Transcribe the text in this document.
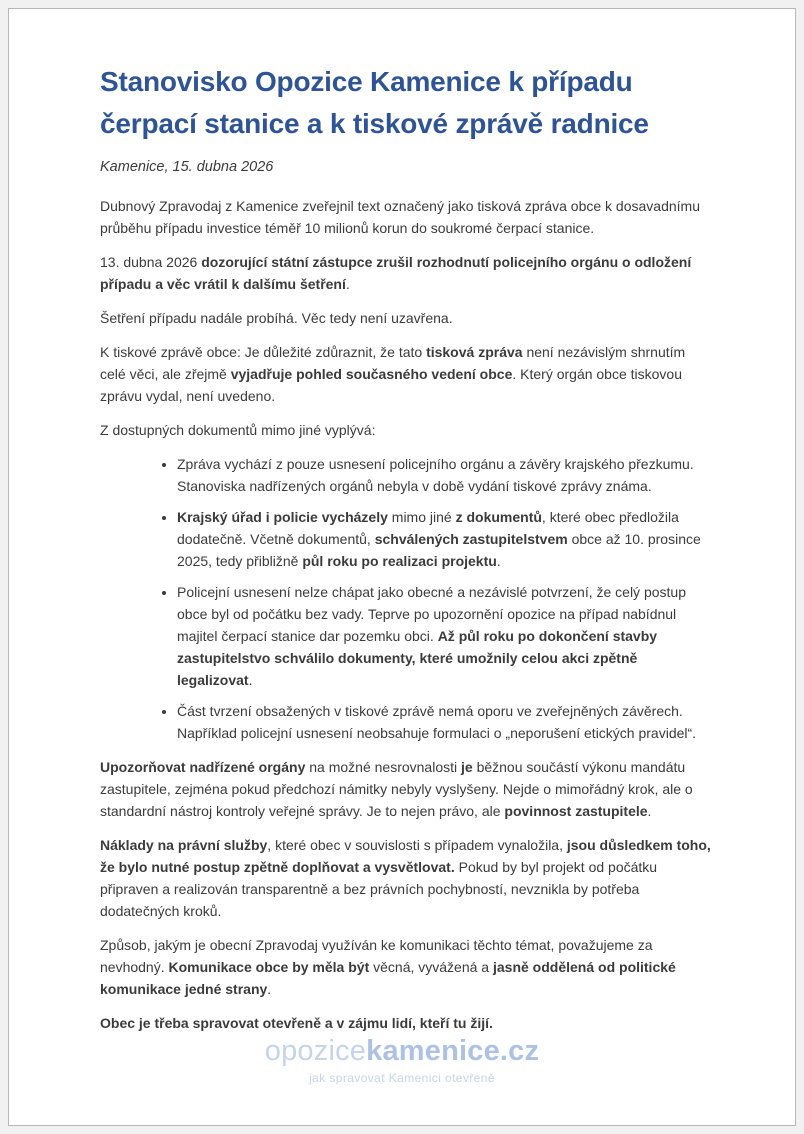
Stanovisko Opozice Kamenice k případu čerpací stanice a k tiskové zprávě radnice

Kamenice, 15. dubna 2026

Dubnový Zpravodaj z Kamenice zveřejnil text označený jako tisková zpráva obce k dosavadnímu průběhu případu investice téměř 10 milionů korun do soukromé čerpací stanice.

13. dubna 2026 dozorující státní zástupce zrušil rozhodnutí policejního orgánu o odložení případu a věc vrátil k dalšímu šetření.

Šetření případu nadále probíhá. Věc tedy není uzavřena.

K tiskové zprávě obce: Je důležité zdůraznit, že tato tisková zpráva není nezávislým shrnutím celé věci, ale zřejmě vyjadřuje pohled současného vedení obce. Který orgán obce tiskovou zprávu vydal, není uvedeno.

Z dostupných dokumentů mimo jiné vyplývá:

• Zpráva vychází z pouze usnesení policejního orgánu a závěry krajského přezkumu. Stanoviska nadřízených orgánů nebyla v době vydání tiskové zprávy známa.
• Krajský úřad i policie vycházely mimo jiné z dokumentů, které obec předložila dodatečně. Včetně dokumentů, schválených zastupitelstvem obce až 10. prosince 2025, tedy přibližně půl roku po realizaci projektu.
• Policejní usnesení nelze chápat jako obecné a nezávislé potvrzení, že celý postup obce byl od počátku bez vady. Teprve po upozornění opozice na případ nabídnul majitel čerpací stanice dar pozemku obci. Až půl roku po dokončení stavby zastupitelstvo schválilo dokumenty, které umožnily celou akci zpětně legalizovat.
• Část tvrzení obsažených v tiskové zprávě nemá oporu ve zveřejněných závěrech. Například policejní usnesení neobsahuje formulaci o „neporušení etických pravidel“.

Upozorňovat nadřízené orgány na možné nesrovnalosti je běžnou součástí výkonu mandátu zastupitele, zejména pokud předchozí námitky nebyly vyslyšeny. Nejde o mimořádný krok, ale o standardní nástroj kontroly veřejné správy. Je to nejen právo, ale povinnost zastupitele.

Náklady na právní služby, které obec v souvislosti s případem vynaložila, jsou důsledkem toho, že bylo nutné postup zpětně doplňovat a vysvětlovat. Pokud by byl projekt od počátku připraven a realizován transparentně a bez právních pochybností, nevznikla by potřeba dodatečných kroků.

Způsob, jakým je obecní Zpravodaj využíván ke komunikaci těchto témat, považujeme za nevhodný. Komunikace obce by měla být věcná, vyvážená a jasně oddělená od politické komunikace jedné strany.

Obec je třeba spravovat otevřeně a v zájmu lidí, kteří tu žijí.

opozicekamenice.cz
jak spravovat Kamenici otevřeně
